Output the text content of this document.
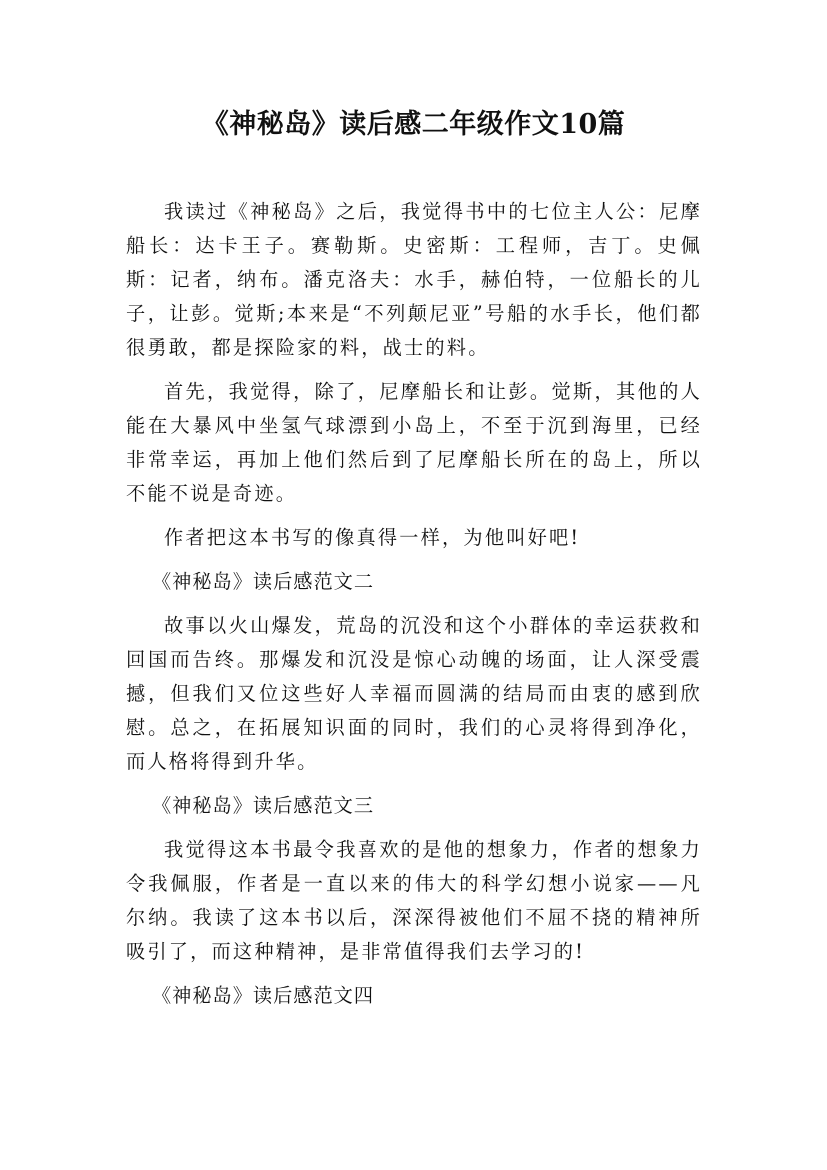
《神秘岛》读后感二年级作文10篇

我读过《神秘岛》之后，我觉得书中的七位主人公：尼摩船长：达卡王子。赛勒斯。史密斯：工程师，吉丁。史佩斯：记者，纳布。潘克洛夫：水手，赫伯特，一位船长的儿子，让彭。觉斯;本来是“不列颠尼亚”号船的水手长，他们都很勇敢，都是探险家的料，战士的料。

首先，我觉得，除了，尼摩船长和让彭。觉斯，其他的人能在大暴风中坐氢气球漂到小岛上，不至于沉到海里，已经非常幸运，再加上他们然后到了尼摩船长所在的岛上，所以不能不说是奇迹。

作者把这本书写的像真得一样，为他叫好吧!

《神秘岛》读后感范文二

故事以火山爆发，荒岛的沉没和这个小群体的幸运获救和回国而告终。那爆发和沉没是惊心动魄的场面，让人深受震撼，但我们又位这些好人幸福而圆满的结局而由衷的感到欣慰。总之，在拓展知识面的同时，我们的心灵将得到净化，而人格将得到升华。

《神秘岛》读后感范文三

我觉得这本书最令我喜欢的是他的想象力，作者的想象力令我佩服，作者是一直以来的伟大的科学幻想小说家——凡尔纳。我读了这本书以后，深深得被他们不屈不挠的精神所吸引了，而这种精神，是非常值得我们去学习的!

《神秘岛》读后感范文四
